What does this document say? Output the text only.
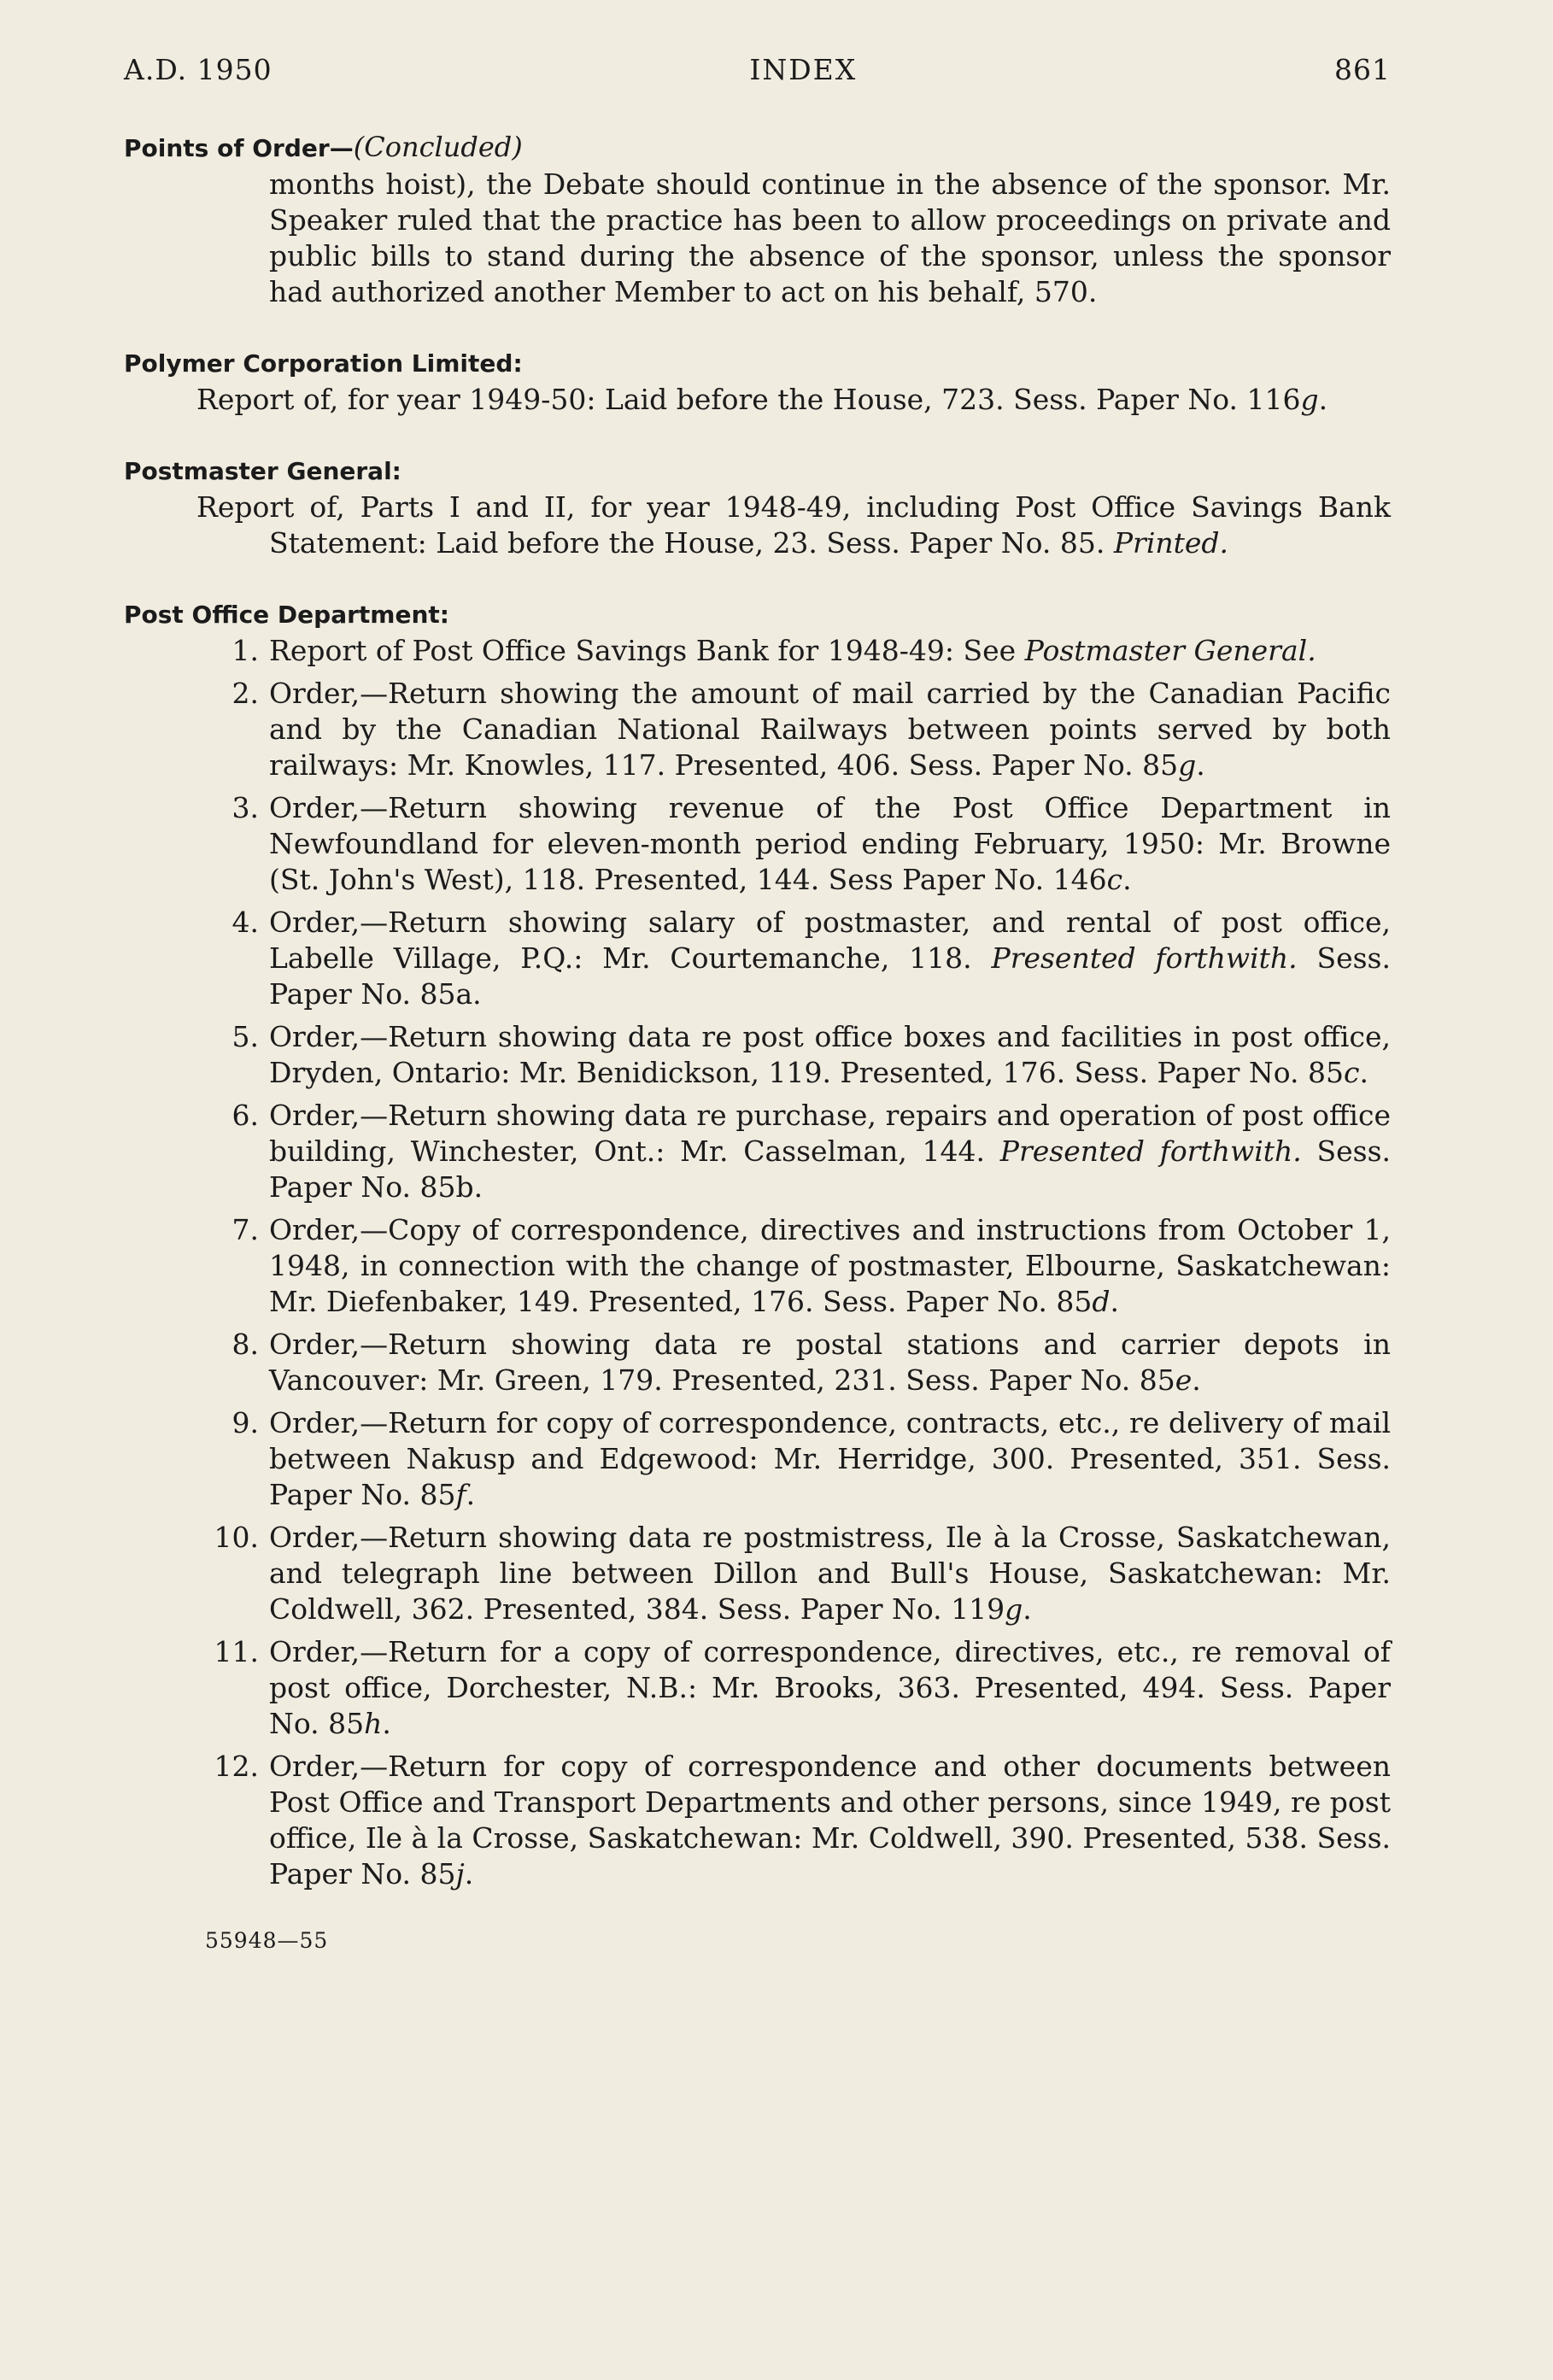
A.D. 1950	INDEX	861
Points of Order—(Concluded)
months hoist), the Debate should continue in the absence of the sponsor. Mr. Speaker ruled that the practice has been to allow proceedings on private and public bills to stand during the absence of the sponsor, unless the sponsor had authorized another Member to act on his behalf, 570.
Polymer Corporation Limited:
Report of, for year 1949-50: Laid before the House, 723. Sess. Paper No. 116g.
Postmaster General:
Report of, Parts I and II, for year 1948-49, including Post Office Savings Bank Statement: Laid before the House, 23. Sess. Paper No. 85. Printed.
Post Office Department:
1. Report of Post Office Savings Bank for 1948-49: See Postmaster General.
2. Order,—Return showing the amount of mail carried by the Canadian Pacific and by the Canadian National Railways between points served by both railways: Mr. Knowles, 117. Presented, 406. Sess. Paper No. 85g.
3. Order,—Return showing revenue of the Post Office Department in Newfoundland for eleven-month period ending February, 1950: Mr. Browne (St. John's West), 118. Presented, 144. Sess Paper No. 146c.
4. Order,—Return showing salary of postmaster, and rental of post office, Labelle Village, P.Q.: Mr. Courtemanche, 118. Presented forthwith. Sess. Paper No. 85a.
5. Order,—Return showing data re post office boxes and facilities in post office, Dryden, Ontario: Mr. Benidickson, 119. Presented, 176. Sess. Paper No. 85c.
6. Order,—Return showing data re purchase, repairs and operation of post office building, Winchester, Ont.: Mr. Casselman, 144. Presented forthwith. Sess. Paper No. 85b.
7. Order,—Copy of correspondence, directives and instructions from October 1, 1948, in connection with the change of postmaster, Elbourne, Saskatchewan: Mr. Diefenbaker, 149. Presented, 176. Sess. Paper No. 85d.
8. Order,—Return showing data re postal stations and carrier depots in Vancouver: Mr. Green, 179. Presented, 231. Sess. Paper No. 85e.
9. Order,—Return for copy of correspondence, contracts, etc., re delivery of mail between Nakusp and Edgewood: Mr. Herridge, 300. Presented, 351. Sess. Paper No. 85f.
10. Order,—Return showing data re postmistress, Ile à la Crosse, Saskatchewan, and telegraph line between Dillon and Bull's House, Saskatchewan: Mr. Coldwell, 362. Presented, 384. Sess. Paper No. 119g.
11. Order,—Return for a copy of correspondence, directives, etc., re removal of post office, Dorchester, N.B.: Mr. Brooks, 363. Presented, 494. Sess. Paper No. 85h.
12. Order,—Return for copy of correspondence and other documents between Post Office and Transport Departments and other persons, since 1949, re post office, Ile à la Crosse, Saskatchewan: Mr. Coldwell, 390. Presented, 538. Sess. Paper No. 85j.
55948—55
